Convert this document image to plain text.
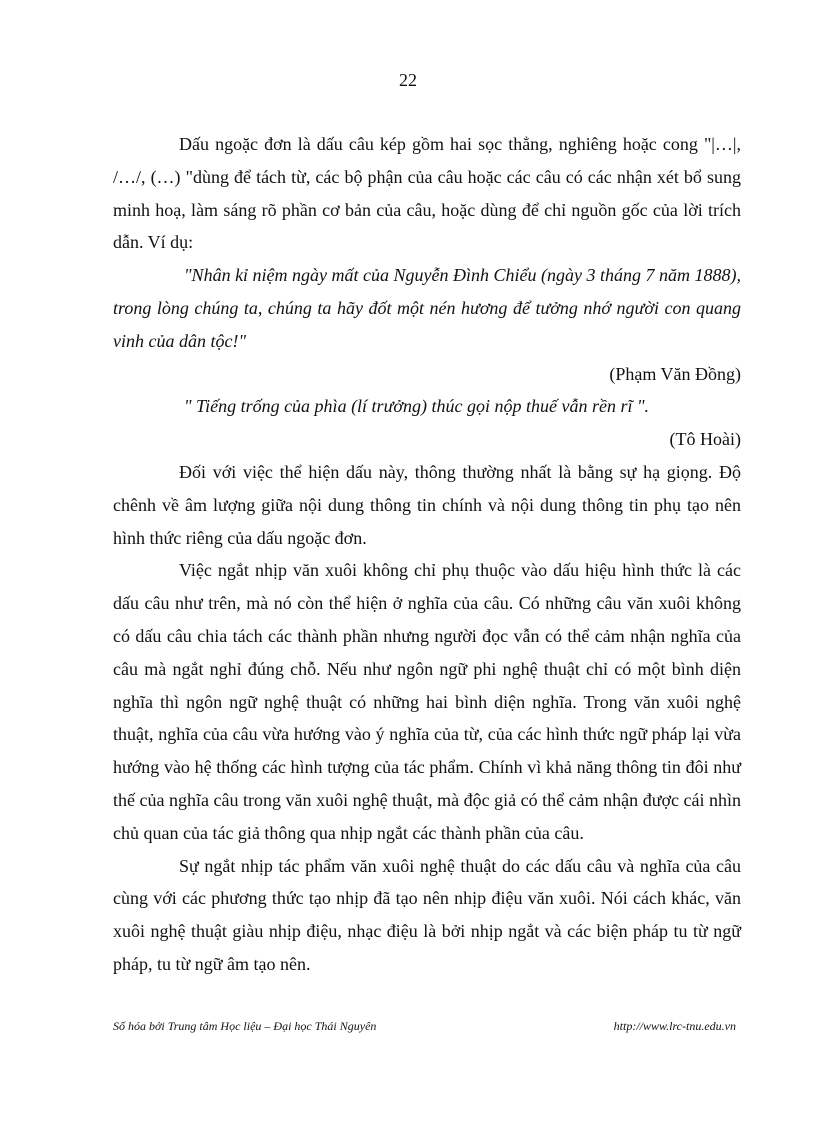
22

Dấu ngoặc đơn là dấu câu kép gồm hai sọc thẳng, nghiêng hoặc cong "|…|, /…/, (…) "dùng để tách từ, các bộ phận của câu hoặc các câu có các nhận xét bổ sung minh hoạ, làm sáng rõ phần cơ bản của câu, hoặc dùng để chỉ nguồn gốc của lời trích dẫn. Ví dụ:

"Nhân kỉ niệm ngày mất của Nguyễn Đình Chiểu (ngày 3 tháng 7 năm 1888), trong lòng chúng ta, chúng ta hãy đốt một nén hương để tưởng nhớ người con quang vinh của dân tộc!"

(Phạm Văn Đồng)

" Tiếng trống của phìa (lí trưởng) thúc gọi nộp thuế vẫn rền rĩ ".

(Tô Hoài)

Đối với việc thể hiện dấu này, thông thường nhất là bằng sự hạ giọng. Độ chênh về âm lượng giữa nội dung thông tin chính và nội dung thông tin phụ tạo nên hình thức riêng của dấu ngoặc đơn.

Việc ngắt nhịp văn xuôi không chỉ phụ thuộc vào dấu hiệu hình thức là các dấu câu như trên, mà nó còn thể hiện ở nghĩa của câu. Có những câu văn xuôi không có dấu câu chia tách các thành phần nhưng người đọc vẫn có thể cảm nhận nghĩa của câu mà ngắt nghỉ đúng chỗ. Nếu như ngôn ngữ phi nghệ thuật chỉ có một bình diện nghĩa thì ngôn ngữ nghệ thuật có những hai bình diện nghĩa. Trong văn xuôi nghệ thuật, nghĩa của câu vừa hướng vào ý nghĩa của từ, của các hình thức ngữ pháp lại vừa hướng vào hệ thống các hình tượng của tác phẩm. Chính vì khả năng thông tin đôi như thế của nghĩa câu trong văn xuôi nghệ thuật, mà độc giả có thể cảm nhận được cái nhìn chủ quan của tác giả thông qua nhịp ngắt các thành phần của câu.

Sự ngắt nhịp tác phẩm văn xuôi nghệ thuật do các dấu câu và nghĩa của câu cùng với các phương thức tạo nhịp đã tạo nên nhịp điệu văn xuôi. Nói cách khác, văn xuôi nghệ thuật giàu nhịp điệu, nhạc điệu là bởi nhịp ngắt và các biện pháp tu từ ngữ pháp, tu từ ngữ âm tạo nên.

Số hóa bởi Trung tâm Học liệu – Đại học Thái Nguyên	http://www.lrc-tnu.edu.vn
